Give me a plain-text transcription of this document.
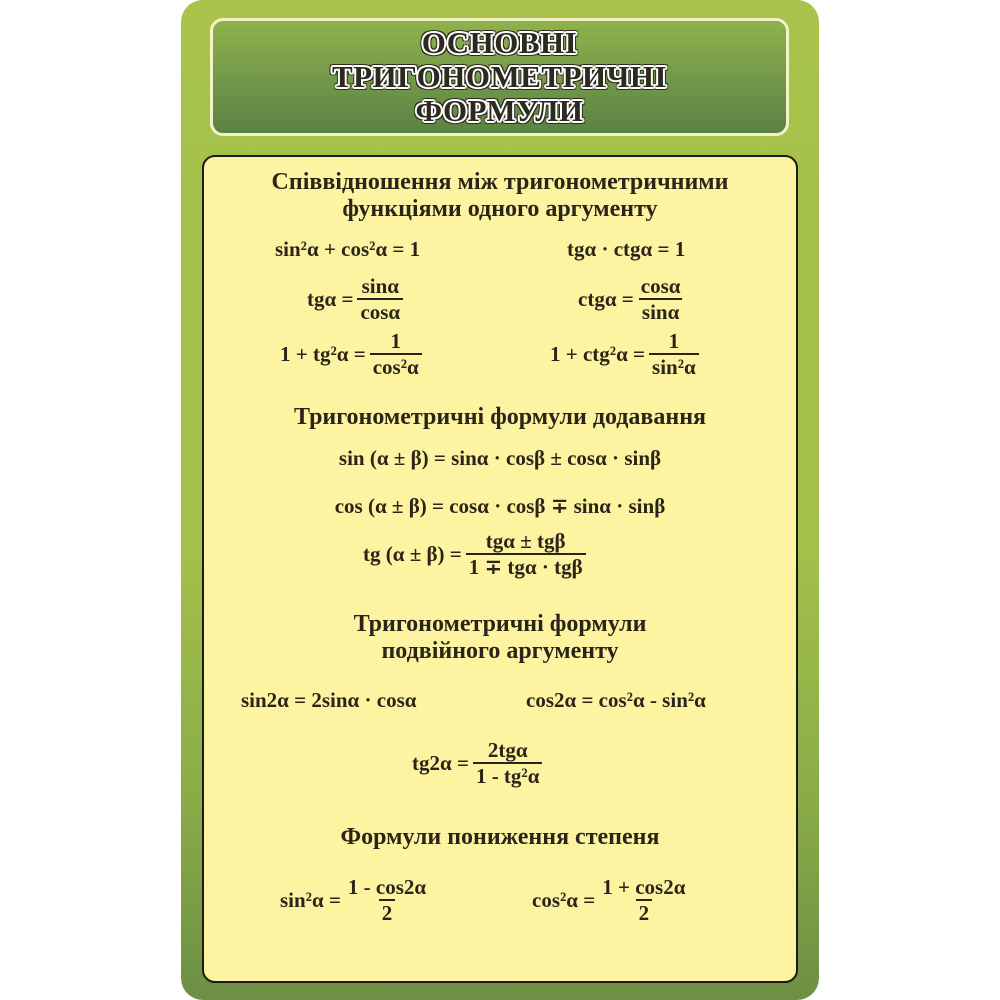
ОСНОВНІ
ТРИГОНОМЕТРИЧНІ
ФОРМУЛИ
Співвідношення між тригонометричними
функціями одного аргументу
sin²α + cos²α = 1	tgα · ctgα = 1
$tg\alpha = \frac{\sin\alpha}{\cos\alpha}$	$ctg\alpha = \frac{\cos\alpha}{\sin\alpha}$
$1 + tg^2\alpha = \frac{1}{\text{cos²α}}$	$1 + ctg^2\alpha = \frac{1}{\text{sin²α}}$
Тригонометричні формули додавання
sin (α ± β) = sinα · cosβ ± cosα · sinβ
cos (α ± β) = cosα · cosβ ∓ sinα · sinβ
tg $(\alpha \pm \beta) = \frac{\text{tgα ± tgβ}}{\text{1 ∓ tgα · tgβ}}$
Тригонометричні формули
подвійного аргументу
sin2α = 2sinα · cosα	cos2α = cos²α - sin²α
$tg2\alpha = \frac{\text{2tgα}}{\text{1 - tg²α}}$
Формули пониження степеня
$\sin^2\alpha = \frac{1 - \cos 2\alpha}{2}$	$\cos^2\alpha = \frac{1 + \cos 2\alpha}{2}$
